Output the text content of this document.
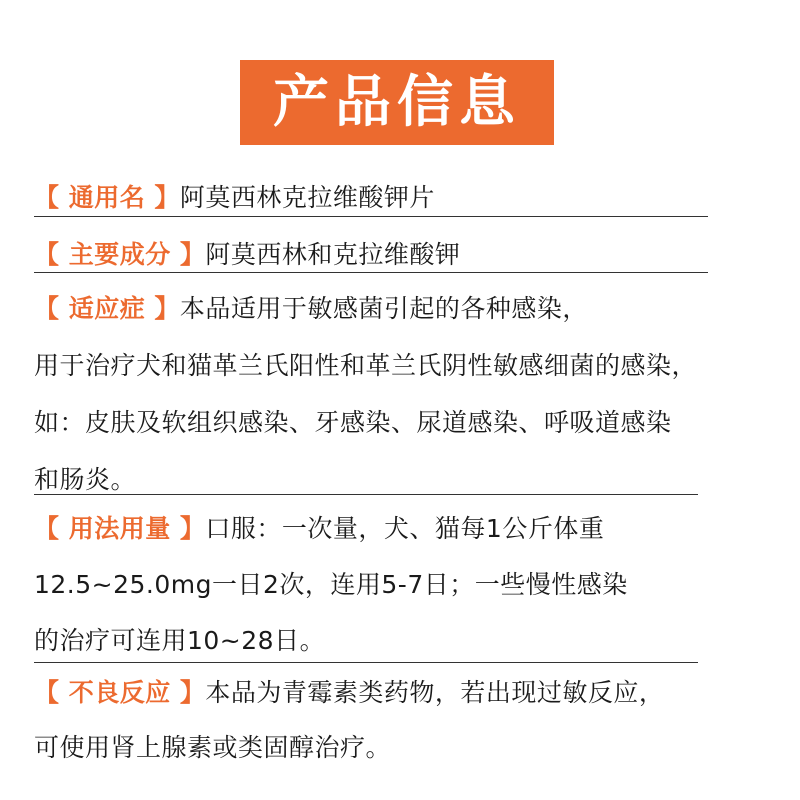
产品信息
【 通用名 】阿莫西林克拉维酸钾片
【 主要成分 】阿莫西林和克拉维酸钾
【 适应症 】本品适用于敏感菌引起的各种感染，
用于治疗犬和猫革兰氏阳性和革兰氏阴性敏感细菌的感染，
如：皮肤及软组织感染、牙感染、尿道感染、呼吸道感染
和肠炎。
【 用法用量 】口服：一次量，犬、猫每1公斤体重
12.5~25.0mg一日2次，连用5-7日；一些慢性感染
的治疗可连用10~28日。
【 不良反应 】本品为青霉素类药物，若出现过敏反应，
可使用肾上腺素或类固醇治疗。
